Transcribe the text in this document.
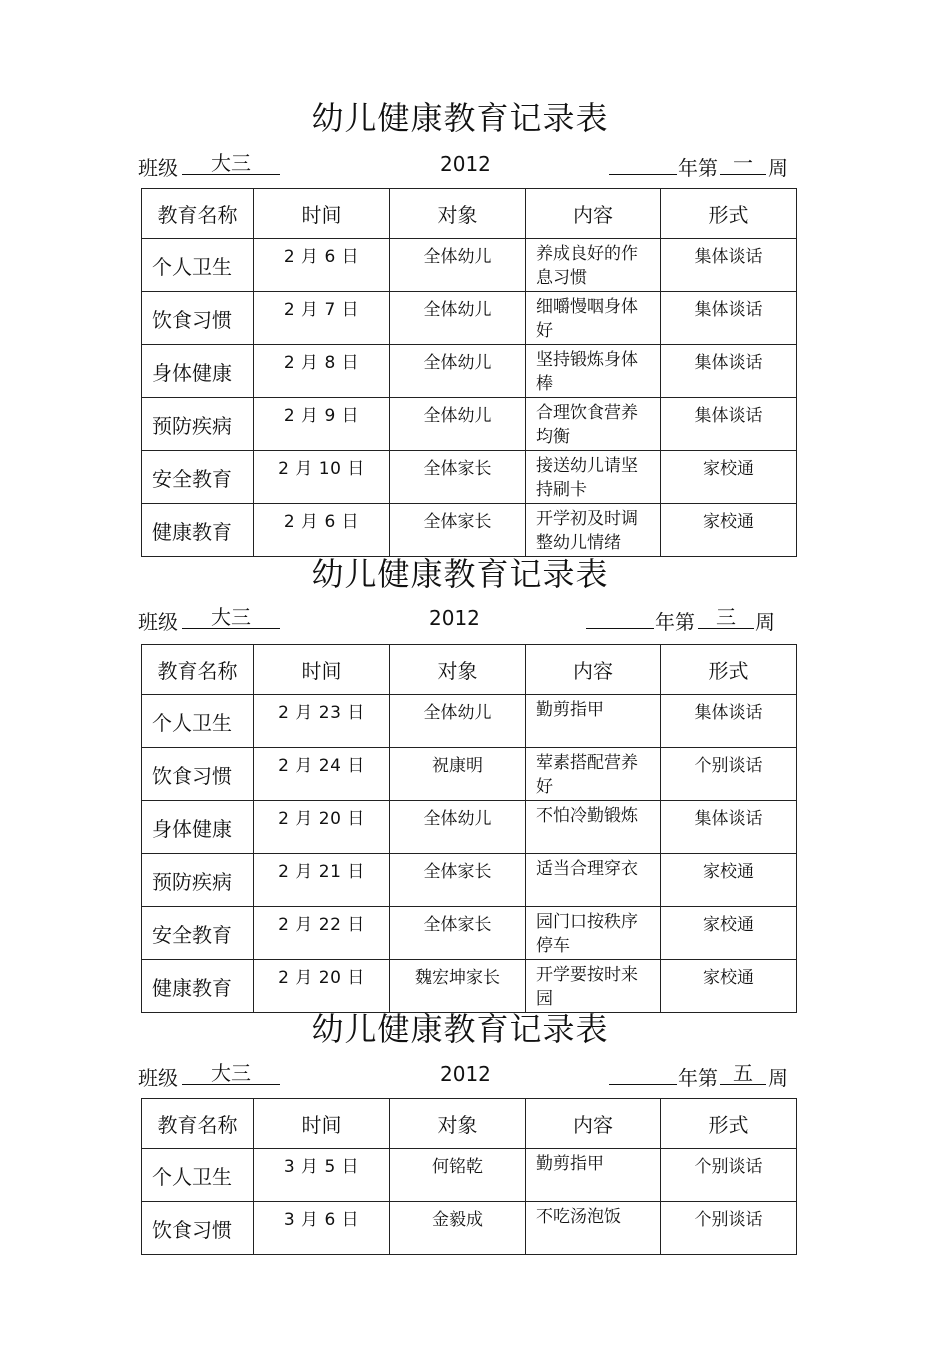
幼儿健康教育记录表
班级	大三	2012	年第 一 周
教育名称	时间	对象	内容	形式
个人卫生	2 月 6 日	全体幼儿	养成良好的作息习惯	集体谈话
饮食习惯	2 月 7 日	全体幼儿	细嚼慢咽身体好	集体谈话
身体健康	2 月 8 日	全体幼儿	坚持锻炼身体棒	集体谈话
预防疾病	2 月 9 日	全体幼儿	合理饮食营养均衡	集体谈话
安全教育	2 月 10 日	全体家长	接送幼儿请坚持刷卡	家校通
健康教育	2 月 6 日	全体家长	开学初及时调整幼儿情绪	家校通
幼儿健康教育记录表
班级	大三	2012	年第	三 周
教育名称	时间	对象	内容	形式
个人卫生	2 月 23 日	全体幼儿	勤剪指甲	集体谈话
饮食习惯	2 月 24 日	祝康明	荤素搭配营养好	个别谈话
身体健康	2 月 20 日	全体幼儿	不怕冷勤锻炼	集体谈话
预防疾病	2 月 21 日	全体家长	适当合理穿衣	家校通
安全教育	2 月 22 日	全体家长	园门口按秩序停车	家校通
健康教育	2 月 20 日	魏宏坤家长	开学要按时来园	家校通
幼儿健康教育记录表
班级	大三	2012	年第 五 周
教育名称	时间	对象	内容	形式
个人卫生	3 月 5 日	何铭乾	勤剪指甲	个别谈话
饮食习惯	3 月 6 日	金毅成	不吃汤泡饭	个别谈话
